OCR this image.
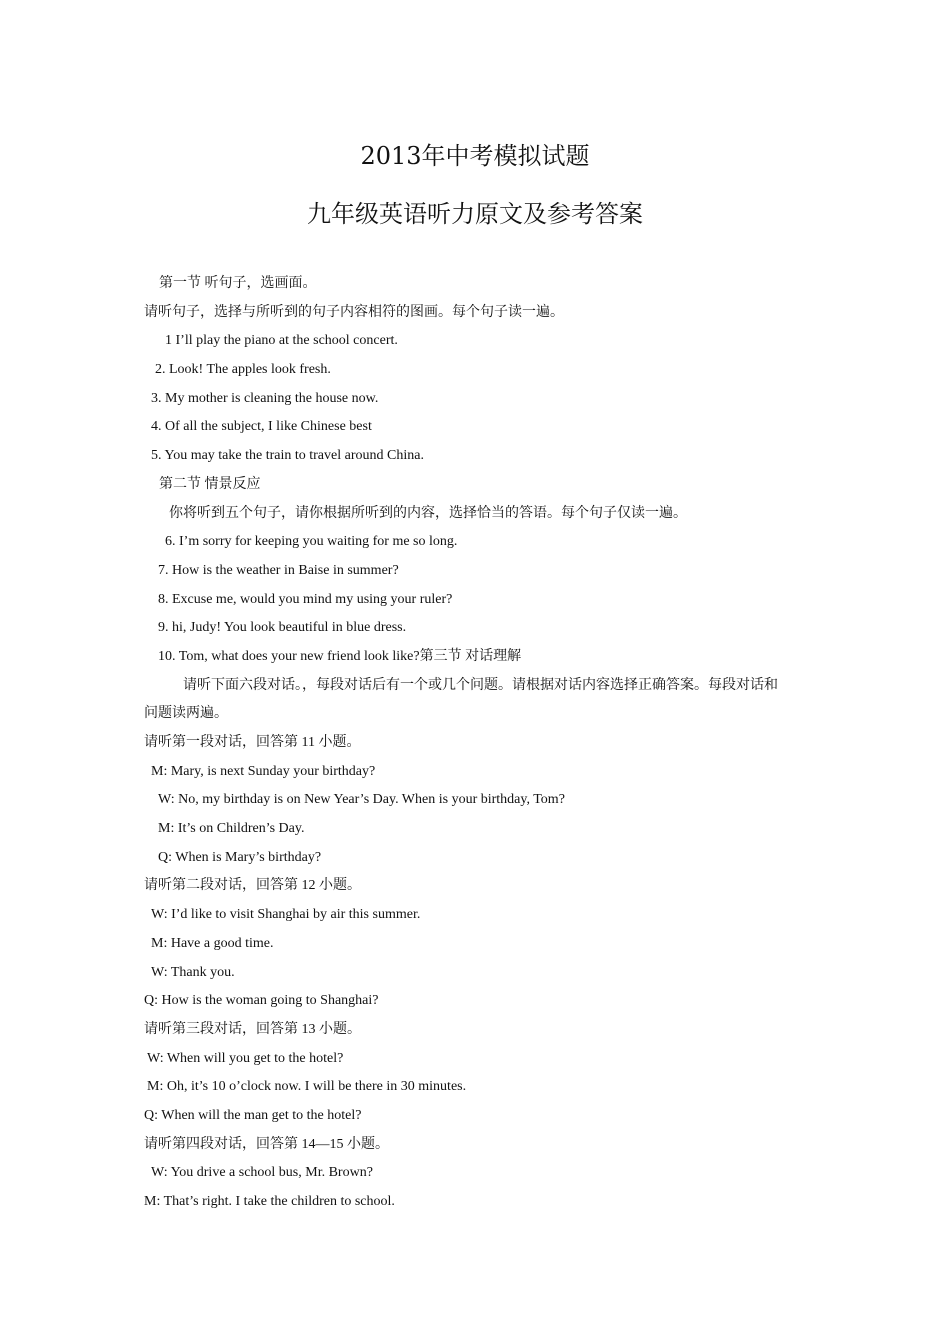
2013年中考模拟试题
九年级英语听力原文及参考答案
第一节 听句子，选画面。
请听句子，选择与所听到的句子内容相符的图画。每个句子读一遍。
1 I’ll play the piano at the school concert.
2. Look! The apples look fresh.
3. My mother is cleaning the house now.
4. Of all the subject, I like Chinese best
5. You may take the train to travel around China.
第二节 情景反应
你将听到五个句子，请你根据所听到的内容，选择恰当的答语。每个句子仅读一遍。
6. I’m sorry for keeping you waiting for me so long.
7. How is the weather in Baise in summer?
8. Excuse me, would you mind my using your ruler?
9. hi, Judy! You look beautiful in blue dress.
10. Tom, what does your new friend look like?第三节 对话理解
请听下面六段对话。，每段对话后有一个或几个问题。请根据对话内容选择正确答案。每段对话和
问题读两遍。
请听第一段对话，回答第 11 小题。
M: Mary, is next Sunday your birthday?
W: No, my birthday is on New Year’s Day. When is your birthday, Tom?
M: It’s on Children’s Day.
Q: When is Mary’s birthday?
请听第二段对话，回答第 12 小题。
W: I’d like to visit Shanghai by air this summer.
M: Have a good time.
W: Thank you.
Q: How is the woman going to Shanghai?
请听第三段对话，回答第 13 小题。
W: When will you get to the hotel?
M: Oh, it’s 10 o’clock now. I will be there in 30 minutes.
Q: When will the man get to the hotel?
请听第四段对话，回答第 14—15 小题。
W: You drive a school bus, Mr. Brown?
M: That’s right. I take the children to school.
